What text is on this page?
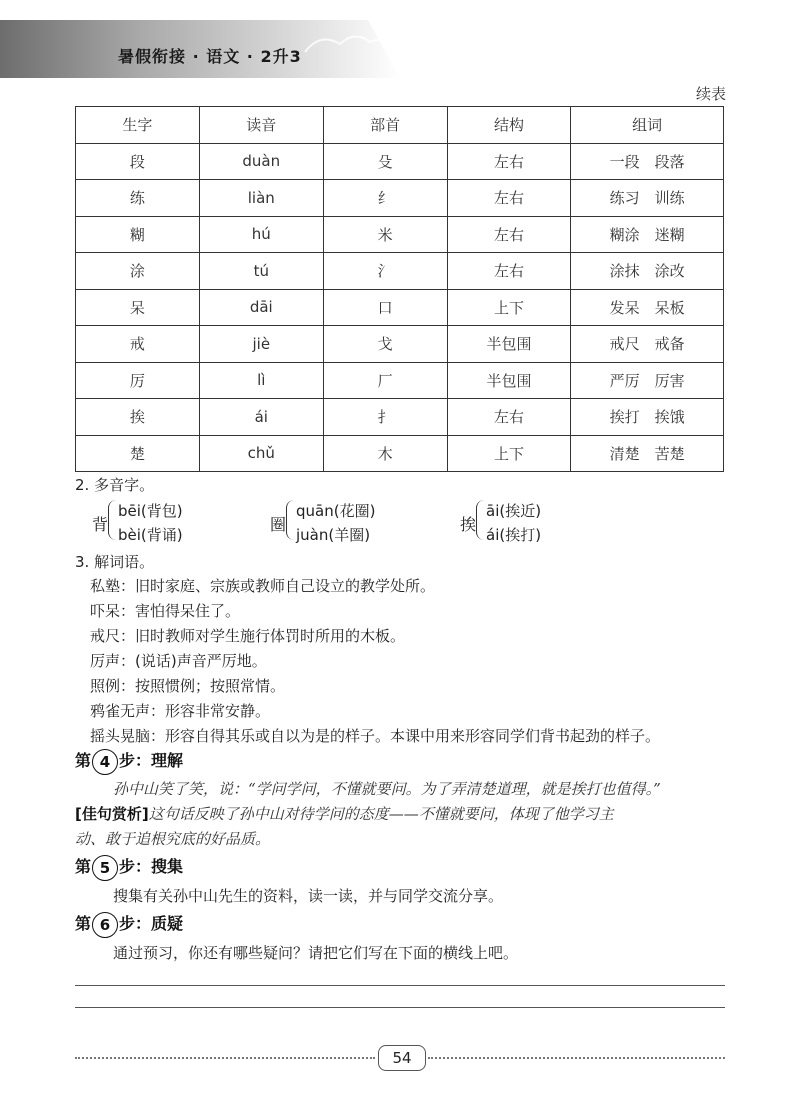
暑假衔接 · 语文 · 2升3
续表
生字	读音	部首	结构	组词
段	duàn	殳	左右	一段　段落
练	liàn	纟	左右	练习　训练
糊	hú	米	左右	糊涂　迷糊
涂	tú	氵	左右	涂抹　涂改
呆	dāi	口	上下	发呆　呆板
戒	jiè	戈	半包围	戒尺　戒备
厉	lì	厂	半包围	严厉　厉害
挨	ái	扌	左右	挨打　挨饿
楚	chǔ	木	上下	清楚　苦楚
2. 多音字。
背
bēi(背包)
bèi(背诵)
圈
quān(花圈)
juàn(羊圈)
挨
āi(挨近)
ái(挨打)
3. 解词语。
私塾：旧时家庭、宗族或教师自己设立的教学处所。
吓呆：害怕得呆住了。
戒尺：旧时教师对学生施行体罚时所用的木板。
厉声：(说话)声音严厉地。
照例：按照惯例；按照常情。
鸦雀无声：形容非常安静。
摇头晃脑：形容自得其乐或自以为是的样子。本课中用来形容同学们背书起劲的样子。
第 4 步：理解
孙中山笑了笑，说：“学问学问，不懂就要问。为了弄清楚道理，就是挨打也值得。”
[佳句赏析]这句话反映了孙中山对待学问的态度——不懂就要问，体现了他学习主
动、敢于追根究底的好品质。
第 5 步：搜集
搜集有关孙中山先生的资料，读一读，并与同学交流分享。
第 6 步：质疑
通过预习，你还有哪些疑问？请把它们写在下面的横线上吧。
54
